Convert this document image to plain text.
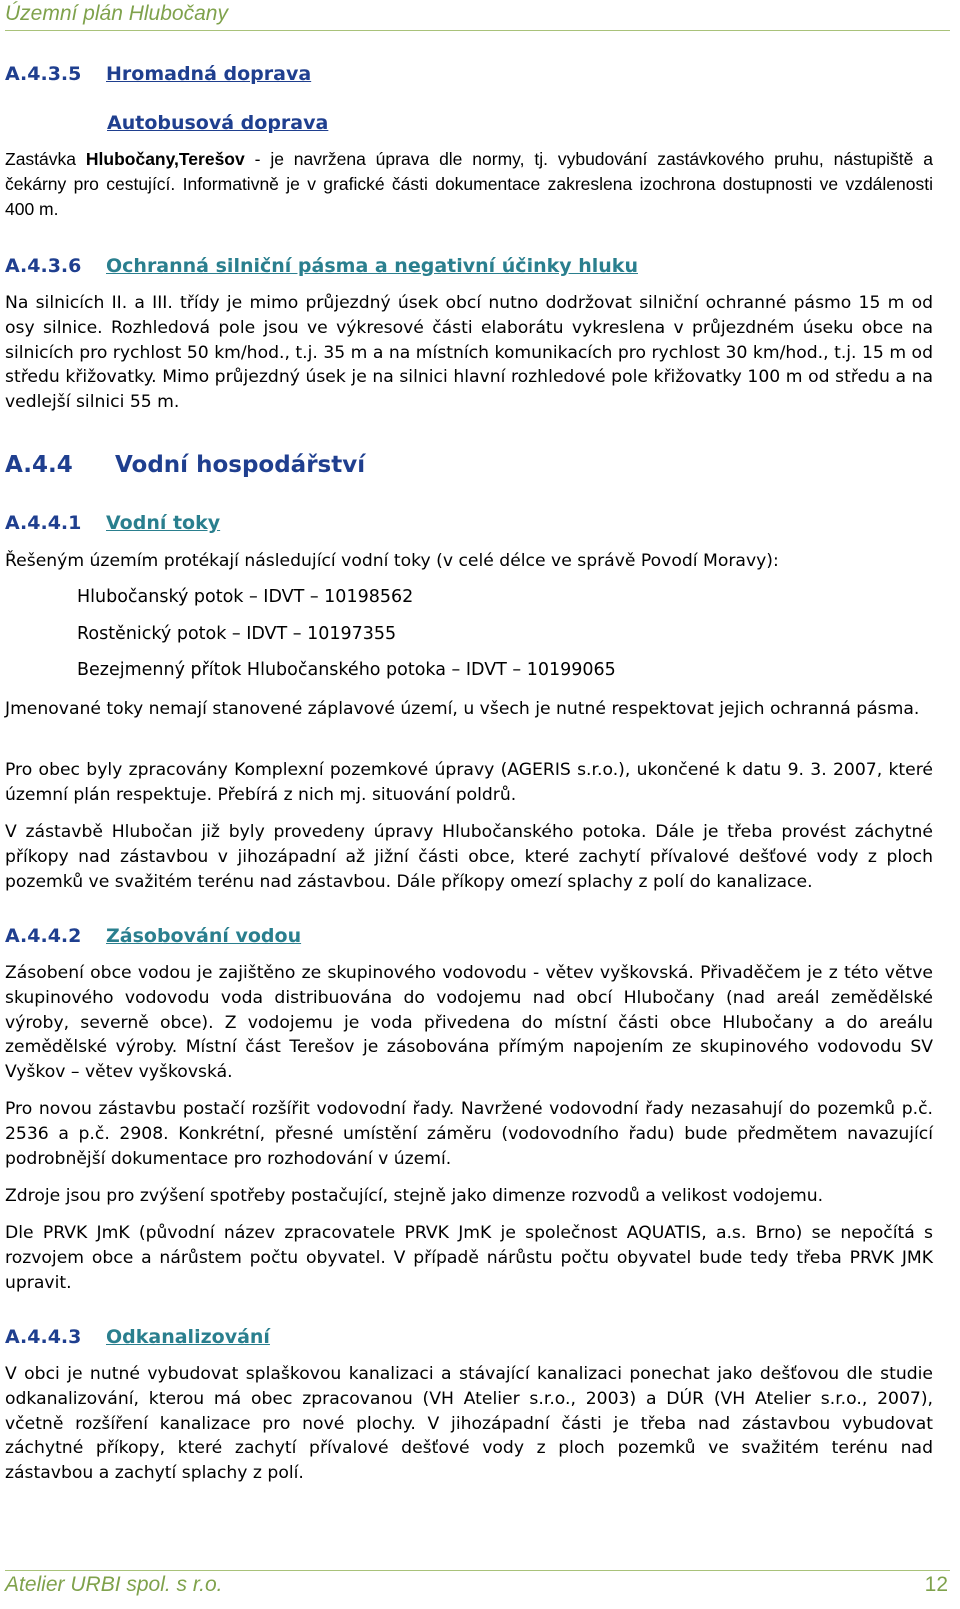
Územní plán Hlubočany
A.4.3.5 Hromadná doprava
Autobusová doprava

Zastávka Hlubočany,Terešov - je navržena úprava dle normy, tj. vybudování zastávkového pruhu, nástupiště a čekárny pro cestující. Informativně je v grafické části dokumentace zakreslena izochrona dostupnosti ve vzdálenosti 400 m.

A.4.3.6 Ochranná silniční pásma a negativní účinky hluku

Na silnicích II. a III. třídy je mimo průjezdný úsek obcí nutno dodržovat silniční ochranné pásmo 15 m od osy silnice. Rozhledová pole jsou ve výkresové části elaborátu vykreslena v průjezdném úseku obce na silnicích pro rychlost 50 km/hod., t.j. 35 m a na místních komunikacích pro rychlost 30 km/hod., t.j. 15 m od středu křižovatky. Mimo průjezdný úsek je na silnici hlavní rozhledové pole křižovatky 100 m od středu a na vedlejší silnici 55 m.

A.4.4 Vodní hospodářství
A.4.4.1 Vodní toky

Řešeným územím protékají následující vodní toky (v celé délce ve správě Povodí Moravy):

Hlubočanský potok – IDVT – 10198562
Rostěnický potok – IDVT – 10197355
Bezejmenný přítok Hlubočanského potoka – IDVT – 10199065

Jmenované toky nemají stanovené záplavové území, u všech je nutné respektovat jejich ochranná pásma.

Pro obec byly zpracovány Komplexní pozemkové úpravy (AGERIS s.r.o.), ukončené k datu 9. 3. 2007, které územní plán respektuje. Přebírá z nich mj. situování poldrů.

V zástavbě Hlubočan již byly provedeny úpravy Hlubočanského potoka. Dále je třeba provést záchytné příkopy nad zástavbou v jihozápadní až jižní části obce, které zachytí přívalové dešťové vody z ploch pozemků ve svažitém terénu nad zástavbou. Dále příkopy omezí splachy z polí do kanalizace.

A.4.4.2 Zásobování vodou

Zásobení obce vodou je zajištěno ze skupinového vodovodu - větev vyškovská. Přivaděčem je z této větve skupinového vodovodu voda distribuována do vodojemu nad obcí Hlubočany (nad areál zemědělské výroby, severně obce). Z vodojemu je voda přivedena do místní části obce Hlubočany a do areálu zemědělské výroby. Místní část Terešov je zásobována přímým napojením ze skupinového vodovodu SV Vyškov – větev vyškovská.

Pro novou zástavbu postačí rozšířit vodovodní řady. Navržené vodovodní řady nezasahují do pozemků p.č. 2536 a p.č. 2908. Konkrétní, přesné umístění záměru (vodovodního řadu) bude předmětem navazující podrobnější dokumentace pro rozhodování v území.

Zdroje jsou pro zvýšení spotřeby postačující, stejně jako dimenze rozvodů a velikost vodojemu.

Dle PRVK JmK (původní název zpracovatele PRVK JmK je společnost AQUATIS, a.s. Brno) se nepočítá s rozvojem obce a nárůstem počtu obyvatel. V případě nárůstu počtu obyvatel bude tedy třeba PRVK JMK upravit.

A.4.4.3 Odkanalizování

V obci je nutné vybudovat splaškovou kanalizaci a stávající kanalizaci ponechat jako dešťovou dle studie odkanalizování, kterou má obec zpracovanou (VH Atelier s.r.o., 2003) a DÚR (VH Atelier s.r.o., 2007), včetně rozšíření kanalizace pro nové plochy. V jihozápadní části je třeba nad zástavbou vybudovat záchytné příkopy, které zachytí přívalové dešťové vody z ploch pozemků ve svažitém terénu nad zástavbou a zachytí splachy z polí.

Atelier URBI spol. s r.o.	12
